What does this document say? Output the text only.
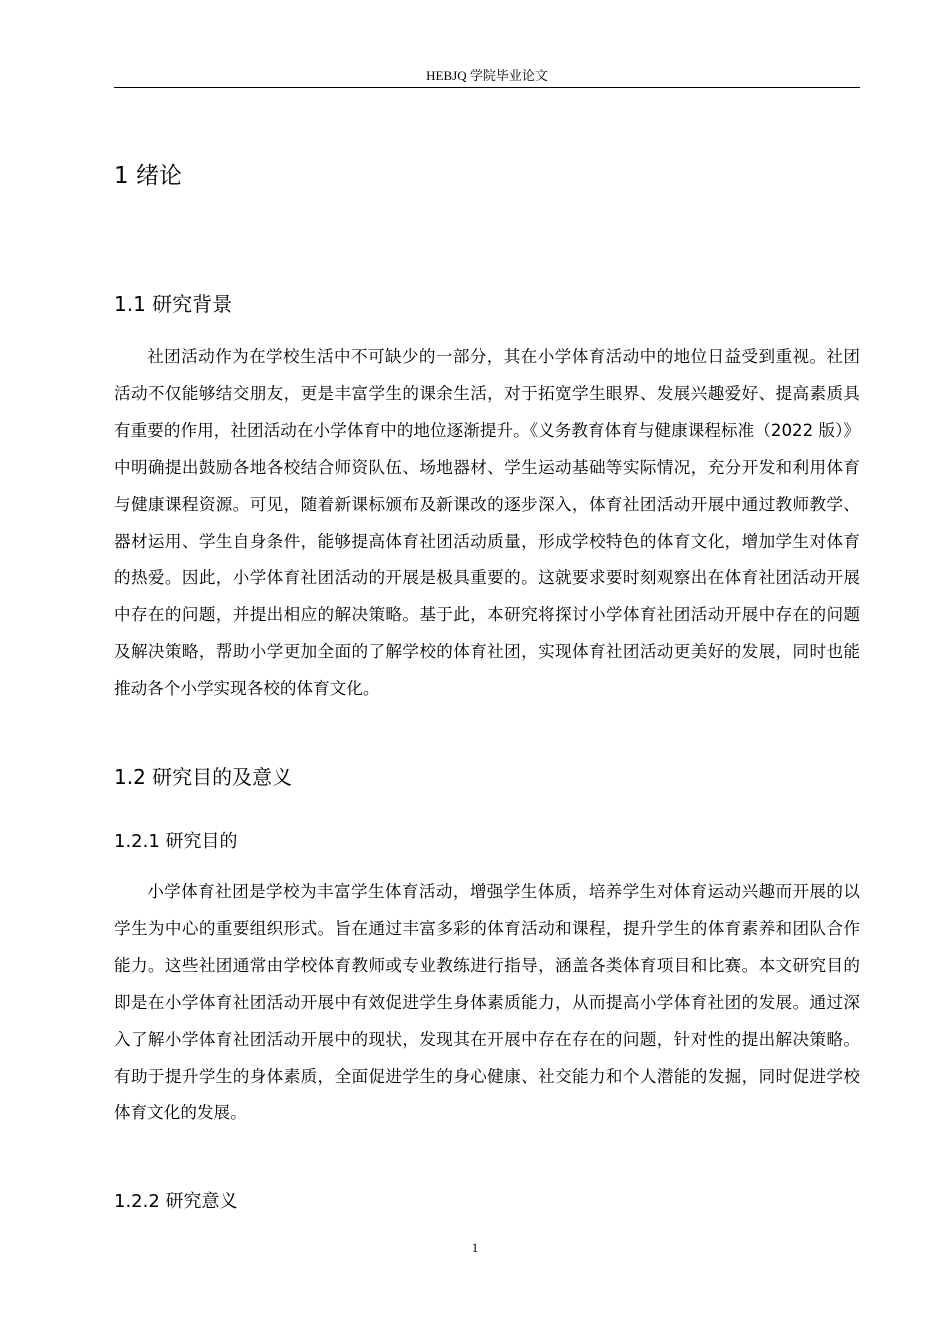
HEBJQ 学院毕业论文
1 绪论
1.1 研究背景

社团活动作为在学校生活中不可缺少的一部分，其在小学体育活动中的地位日益受到重视。社团活动不仅能够结交朋友，更是丰富学生的课余生活，对于拓宽学生眼界、发展兴趣爱好、提高素质具有重要的作用，社团活动在小学体育中的地位逐渐提升。《义务教育体育与健康课程标准（2022 版）》中明确提出鼓励各地各校结合师资队伍、场地器材、学生运动基础等实际情况，充分开发和利用体育与健康课程资源。可见，随着新课标颁布及新课改的逐步深入，体育社团活动开展中通过教师教学、器材运用、学生自身条件，能够提高体育社团活动质量，形成学校特色的体育文化，增加学生对体育的热爱。因此，小学体育社团活动的开展是极具重要的。这就要求要时刻观察出在体育社团活动开展中存在的问题，并提出相应的解决策略。基于此，本研究将探讨小学体育社团活动开展中存在的问题及解决策略，帮助小学更加全面的了解学校的体育社团，实现体育社团活动更美好的发展，同时也能推动各个小学实现各校的体育文化。

1.2 研究目的及意义
1.2.1 研究目的

小学体育社团是学校为丰富学生体育活动，增强学生体质，培养学生对体育运动兴趣而开展的以学生为中心的重要组织形式。旨在通过丰富多彩的体育活动和课程，提升学生的体育素养和团队合作能力。这些社团通常由学校体育教师或专业教练进行指导，涵盖各类体育项目和比赛。本文研究目的即是在小学体育社团活动开展中有效促进学生身体素质能力，从而提高小学体育社团的发展。通过深入了解小学体育社团活动开展中的现状，发现其在开展中存在存在的问题，针对性的提出解决策略。有助于提升学生的身体素质，全面促进学生的身心健康、社交能力和个人潜能的发掘，同时促进学校体育文化的发展。

1.2.2 研究意义
1
